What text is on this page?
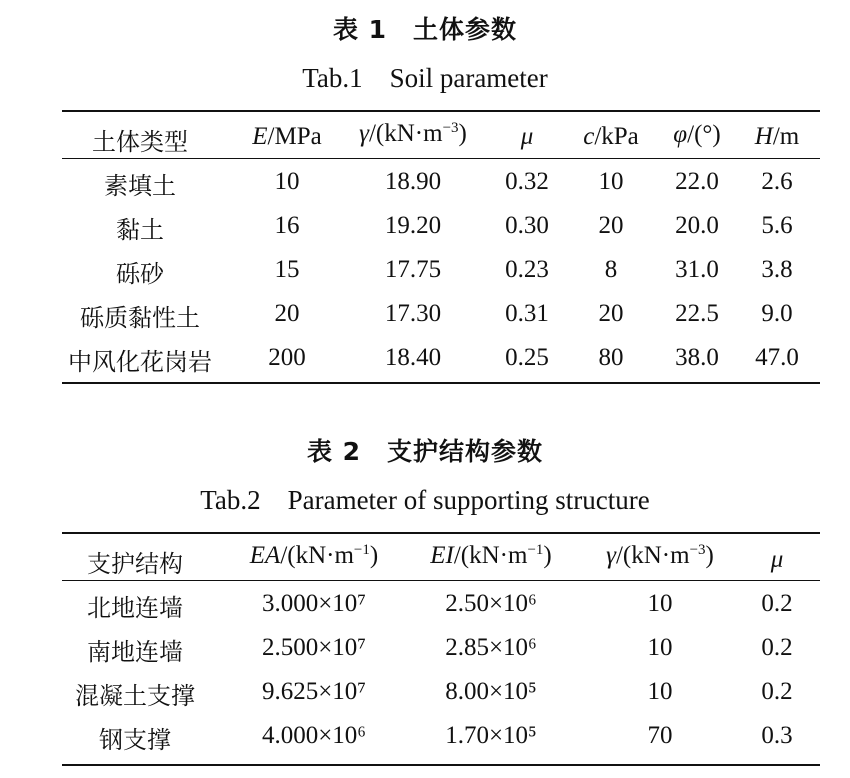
表 1　土体参数
Tab.1　Soil parameter
土体类型	E/MPa $\gamma/(kN\cdot m^{-3})$ μ c/kPa φ/(°) H/m
素填土	10	18.90	0.32 10 22.0 2.6
黏土	16	19.20	0.30 20 20.0 5.6
砾砂	15	17.75	0.23 8 31.0 3.8
砾质黏性土	20	17.30	0.31 20 22.5 9.0
中风化花岗岩 200	18.40	0.25 80 38.0 47.0
表 2　支护结构参数
Tab.2　Parameter of supporting structure
支护结构	$EA/(kN\cdot m^{-1})$ $EI/(kN\cdot m^{-1})$ $\gamma/(kN\cdot m^{-3})$ μ
北地连墙	3.000×10⁷	2.50×10⁶	10	0.2
南地连墙	2.500×10⁷	2.85×10⁶	10	0.2
混凝土支撑	9.625×10⁷	8.00×10⁵	10	0.2
钢支撑	4.000×10⁶	1.70×10⁵	70	0.3
